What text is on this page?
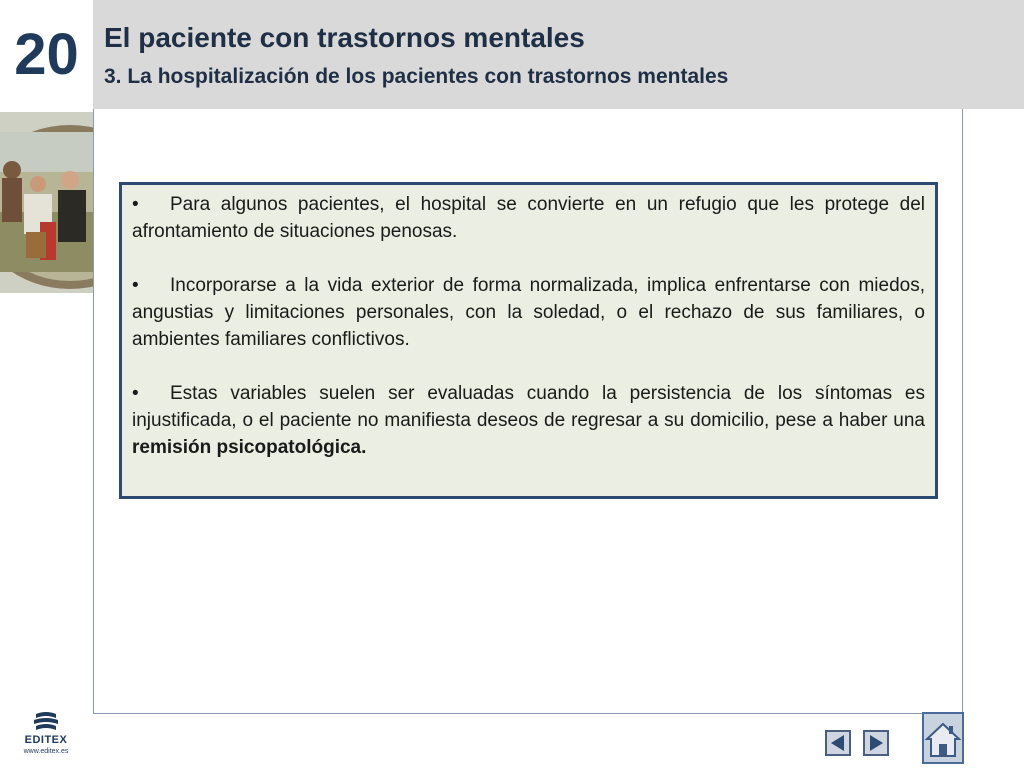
20 El paciente con trastornos mentales
3. La hospitalización de los pacientes con trastornos mentales

• Para algunos pacientes, el hospital se convierte en un refugio que les protege del afrontamiento de situaciones penosas.

• Incorporarse a la vida exterior de forma normalizada, implica enfrentarse con miedos, angustias y limitaciones personales, con la soledad, o el rechazo de sus familiares, o ambientes familiares conflictivos.

• Estas variables suelen ser evaluadas cuando la persistencia de los síntomas es injustificada, o el paciente no manifiesta deseos de regresar a su domicilio, pese a haber una remisión psicopatológica.

EDITEX
www.editex.es
